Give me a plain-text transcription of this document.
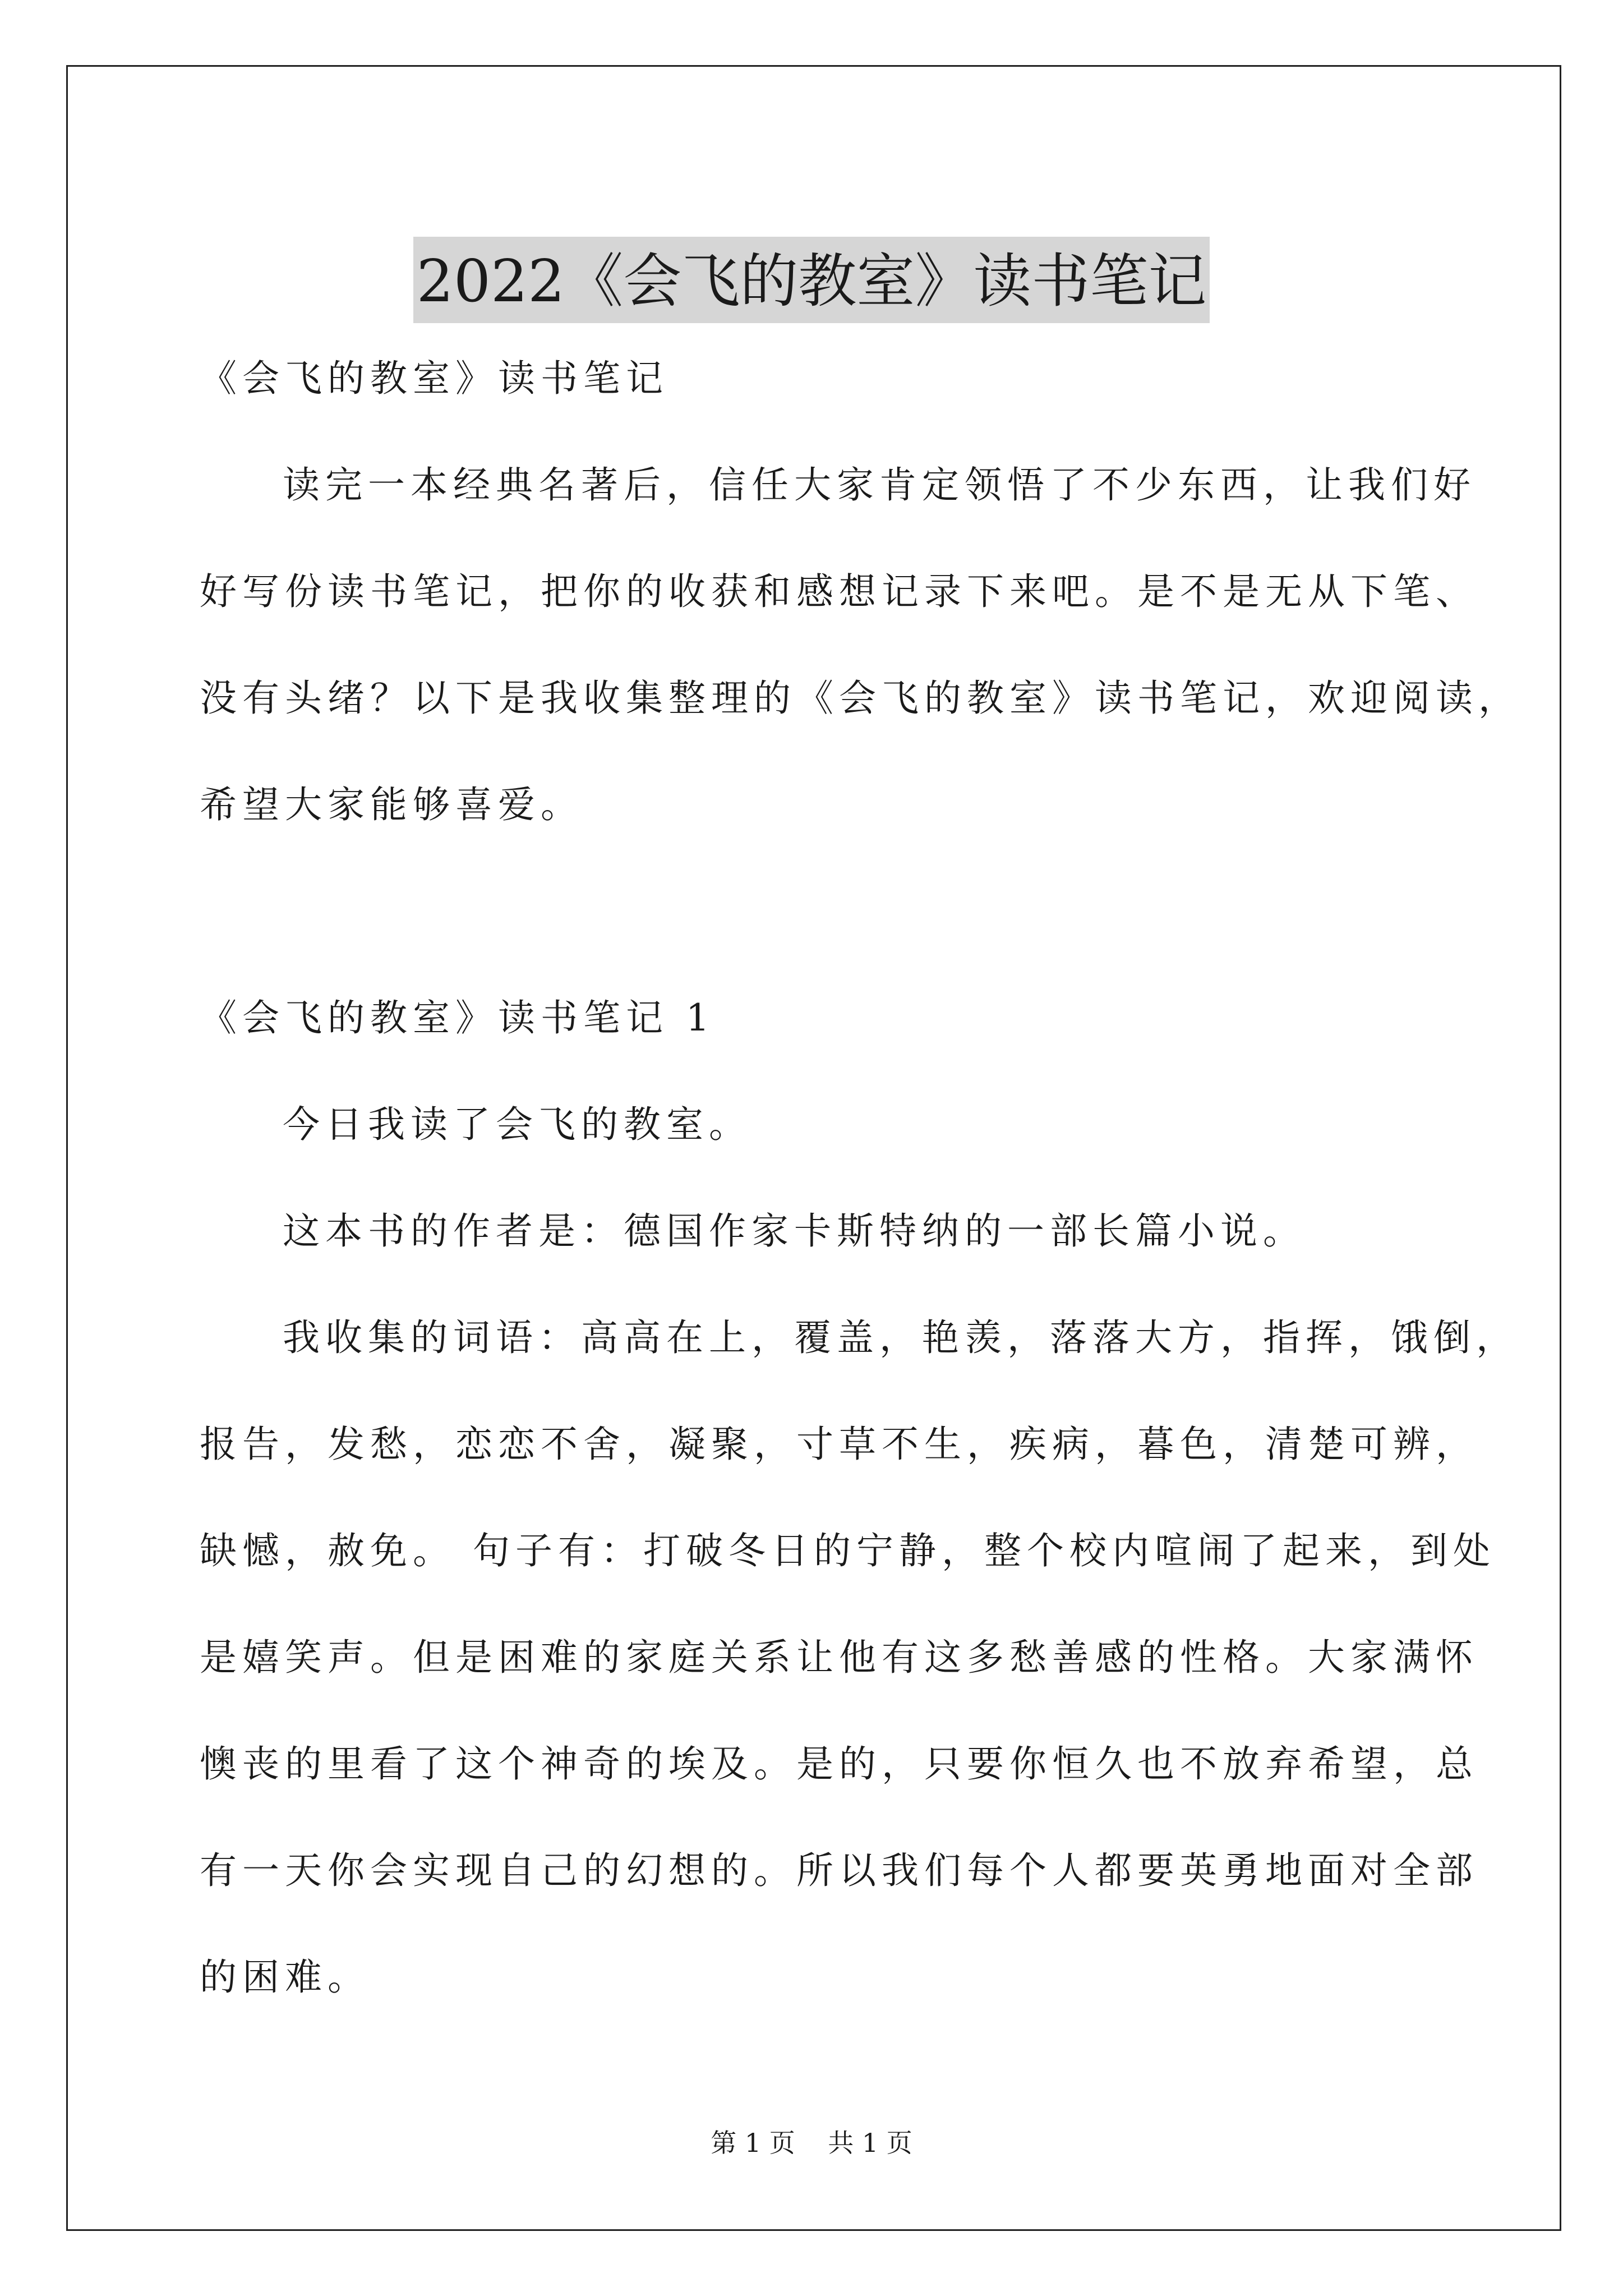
2022《会飞的教室》读书笔记

《会飞的教室》读书笔记

读完一本经典名著后，信任大家肯定领悟了不少东西，让我们好

好写份读书笔记，把你的收获和感想记录下来吧。是不是无从下笔、

没有头绪？以下是我收集整理的《会飞的教室》读书笔记，欢迎阅读，

希望大家能够喜爱。

《会飞的教室》读书笔记 1

今日我读了会飞的教室。

这本书的作者是：德国作家卡斯特纳的一部长篇小说。

我收集的词语：高高在上，覆盖，艳羡，落落大方，指挥，饿倒，

报告，发愁，恋恋不舍，凝聚，寸草不生，疾病，暮色，清楚可辨，

缺憾，赦免。 句子有：打破冬日的宁静，整个校内喧闹了起来，到处

是嬉笑声。但是困难的家庭关系让他有这多愁善感的性格。大家满怀

懊丧的里看了这个神奇的埃及。是的，只要你恒久也不放弃希望，总

有一天你会实现自己的幻想的。所以我们每个人都要英勇地面对全部

的困难。

第 1 页    共 1 页
